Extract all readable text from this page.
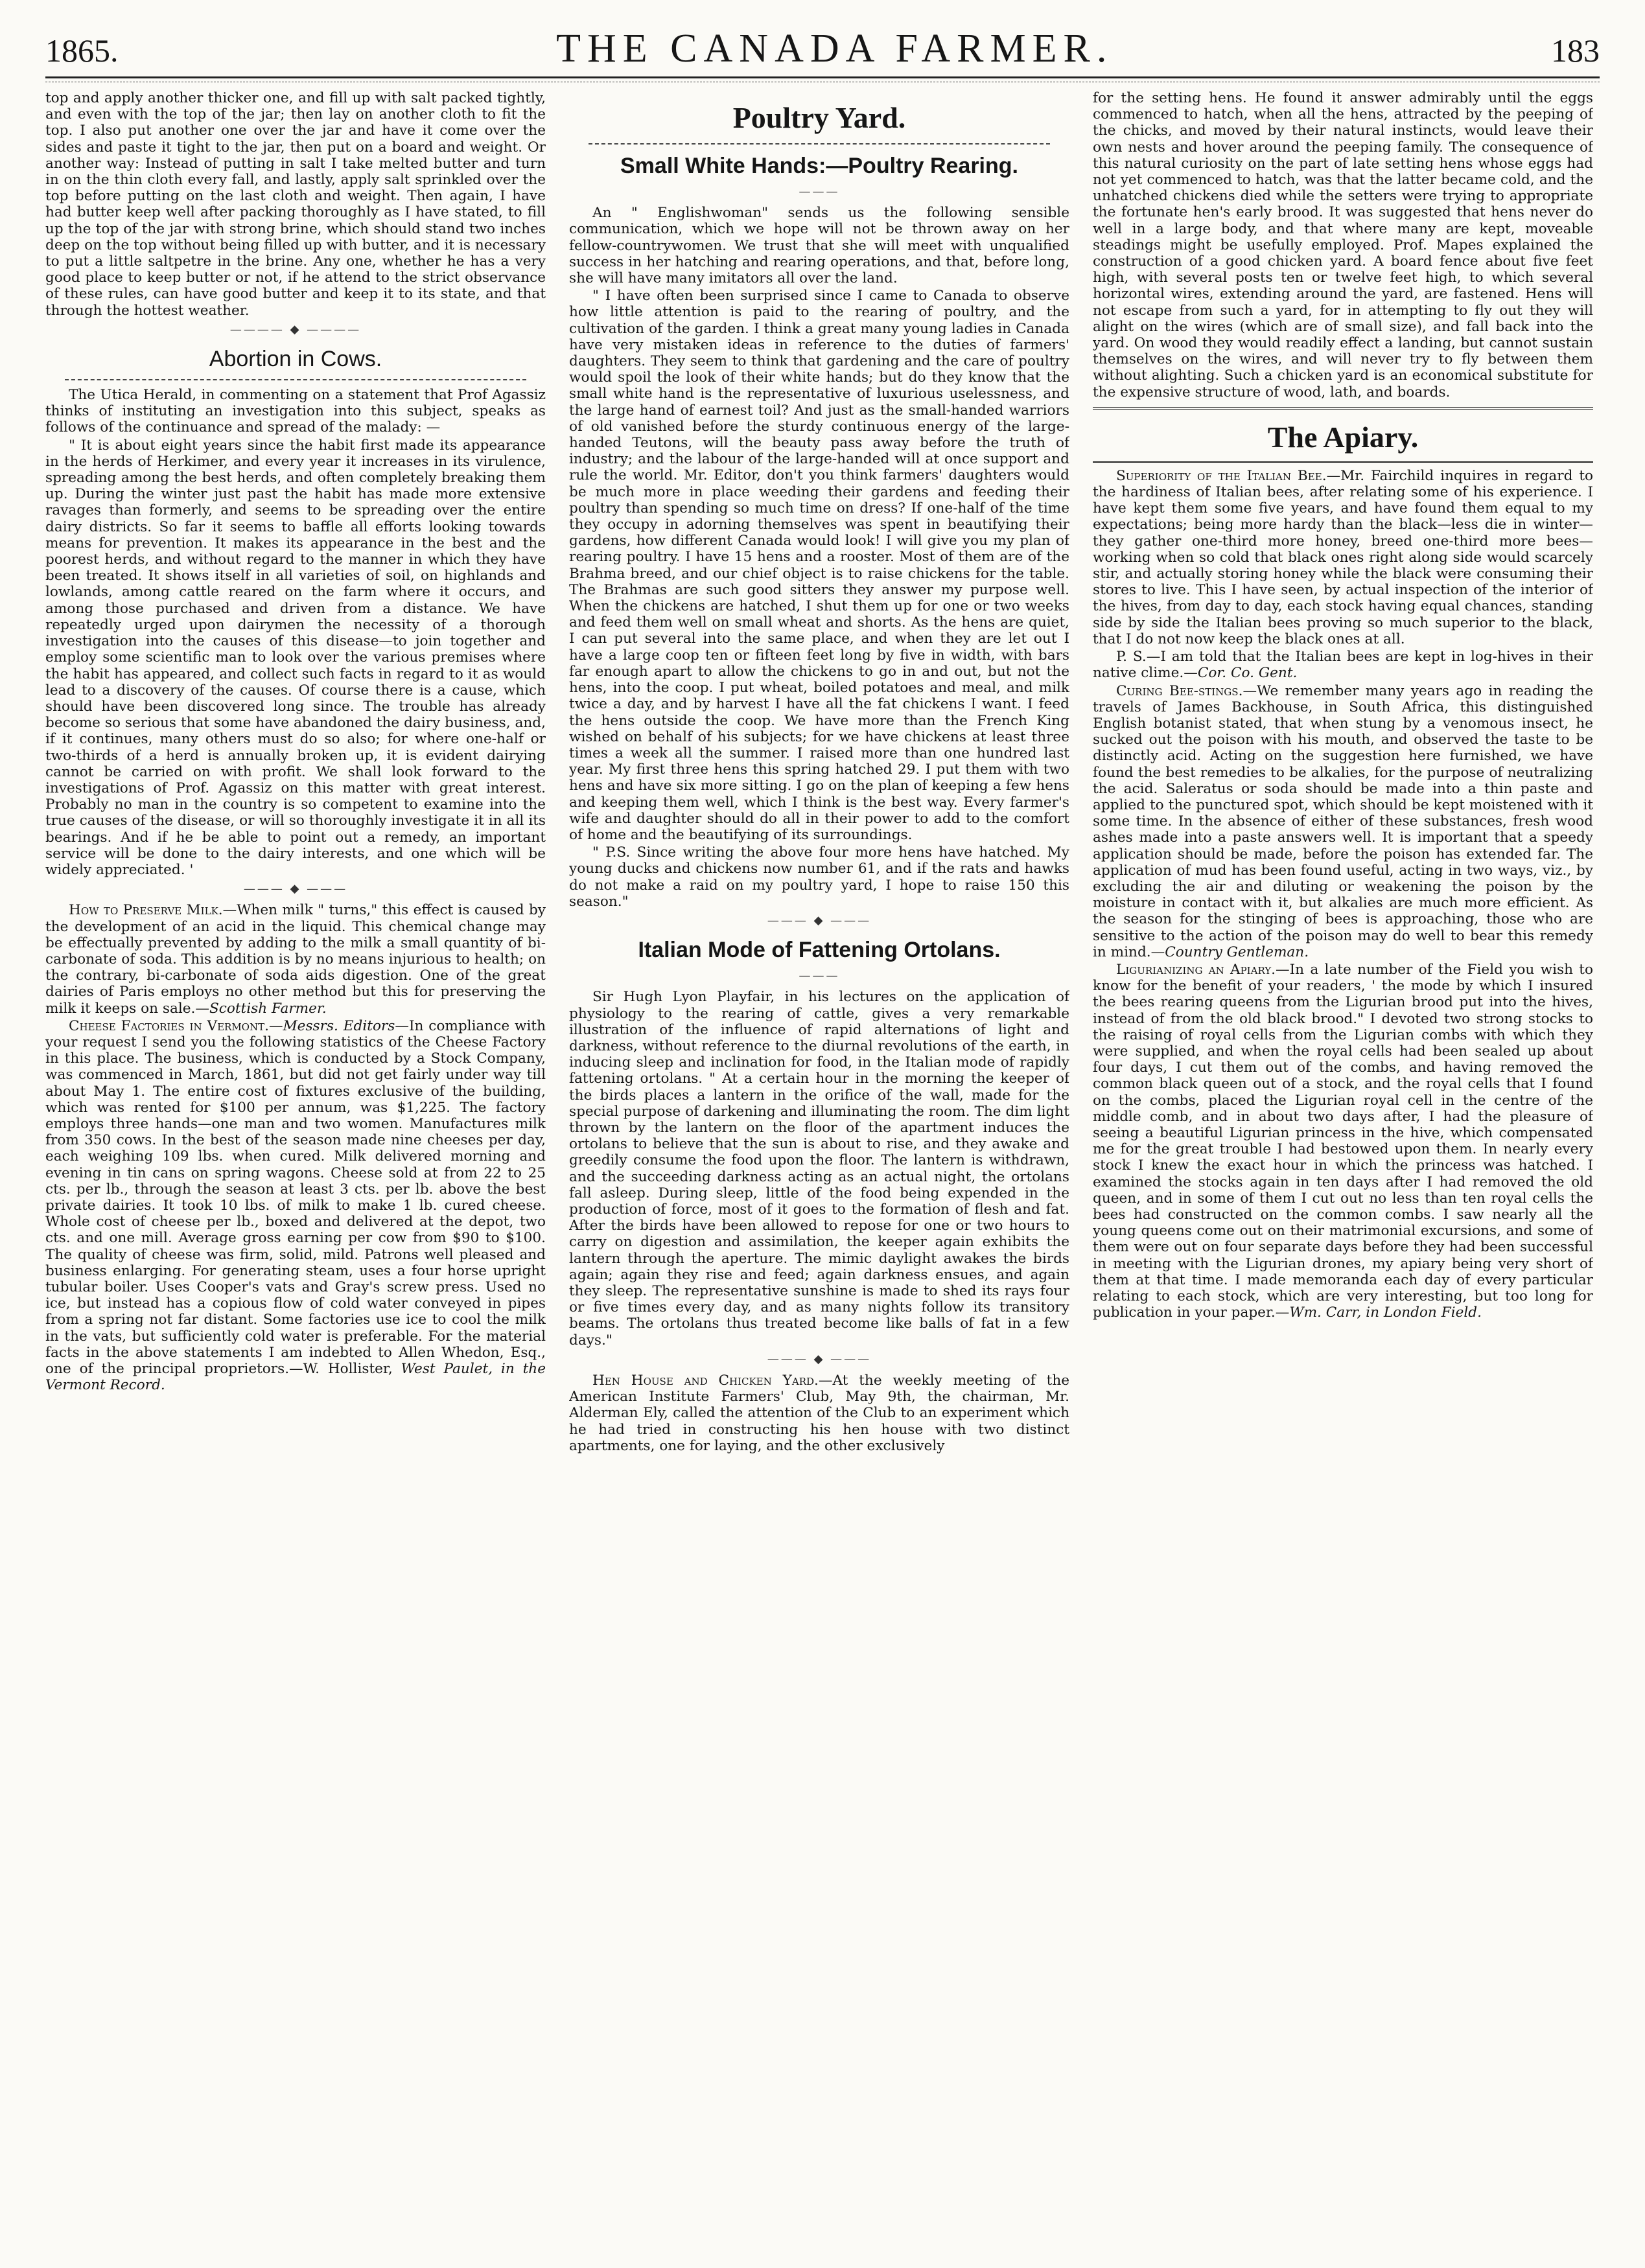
1865.	THE CANADA FARMER.	183

top and apply another thicker one, and fill up with salt packed tightly, and even with the top of the jar; then lay on another cloth to fit the top. I also put another one over the jar and have it come over the sides and paste it tight to the jar, then put on a board and weight. Or another way: Instead of putting in salt I take melted butter and turn in on the thin cloth every fall, and lastly, apply salt sprinkled over the top before putting on the last cloth and weight. Then again, I have had butter keep well after packing thoroughly as I have stated, to fill up the top of the jar with strong brine, which should stand two inches deep on the top without being filled up with butter, and it is necessary to put a little saltpetre in the brine. Any one, whether he has a very good place to keep butter or not, if he attend to the strict observance of these rules, can have good butter and keep it to its state, and that through the hottest weather.

———— ◆ ————
Abortion in Cows.

The Utica Herald, in commenting on a statement that Prof Agassiz thinks of instituting an investigation into this subject, speaks as follows of the continuance and spread of the malady: —

" It is about eight years since the habit first made its appearance in the herds of Herkimer, and every year it increases in its virulence, spreading among the best herds, and often completely breaking them up. During the winter just past the habit has made more extensive ravages than formerly, and seems to be spreading over the entire dairy districts. So far it seems to baffle all efforts looking towards means for prevention. It makes its appearance in the best and the poorest herds, and without regard to the manner in which they have been treated. It shows itself in all varieties of soil, on highlands and lowlands, among cattle reared on the farm where it occurs, and among those purchased and driven from a distance. We have repeatedly urged upon dairymen the necessity of a thorough investigation into the causes of this disease—to join together and employ some scientific man to look over the various premises where the habit has appeared, and collect such facts in regard to it as would lead to a discovery of the causes. Of course there is a cause, which should have been discovered long since. The trouble has already become so serious that some have abandoned the dairy business, and, if it continues, many others must do so also; for where one-half or two-thirds of a herd is annually broken up, it is evident dairying cannot be carried on with profit. We shall look forward to the investigations of Prof. Agassiz on this matter with great interest. Probably no man in the country is so competent to examine into the true causes of the disease, or will so thoroughly investigate it in all its bearings. And if he be able to point out a remedy, an important service will be done to the dairy interests, and one which will be widely appreciated. '

——— ◆ ———

How to Preserve Milk.—When milk " turns," this effect is caused by the development of an acid in the liquid. This chemical change may be effectually prevented by adding to the milk a small quantity of bi-carbonate of soda. This addition is by no means injurious to health; on the contrary, bi-carbonate of soda aids digestion. One of the great dairies of Paris employs no other method but this for preserving the milk it keeps on sale.—Scottish Farmer.

Cheese Factories in Vermont.—Messrs. Editors—In compliance with your request I send you the following statistics of the Cheese Factory in this place. The business, which is conducted by a Stock Company, was commenced in March, 1861, but did not get fairly under way till about May 1. The entire cost of fixtures exclusive of the building, which was rented for $100 per annum, was $1,225. The factory employs three hands—one man and two women. Manufactures milk from 350 cows. In the best of the season made nine cheeses per day, each weighing 109 lbs. when cured. Milk delivered morning and evening in tin cans on spring wagons. Cheese sold at from 22 to 25 cts. per lb., through the season at least 3 cts. per lb. above the best private dairies. It took 10 lbs. of milk to make 1 lb. cured cheese. Whole cost of cheese per lb., boxed and delivered at the depot, two cts. and one mill. Average gross earning per cow from $90 to $100. The quality of cheese was firm, solid, mild. Patrons well pleased and business enlarging. For generating steam, uses a four horse upright tubular boiler. Uses Cooper's vats and Gray's screw press. Used no ice, but instead has a copious flow of cold water conveyed in pipes from a spring not far distant. Some factories use ice to cool the milk in the vats, but sufficiently cold water is preferable. For the material facts in the above statements I am indebted to Allen Whedon, Esq., one of the principal proprietors.—W. Hollister, West Paulet, in the Vermont Record.

Poultry Yard.
Small White Hands:—Poultry Rearing.
———

An " Englishwoman" sends us the following sensible communication, which we hope will not be thrown away on her fellow-countrywomen. We trust that she will meet with unqualified success in her hatching and rearing operations, and that, before long, she will have many imitators all over the land.

" I have often been surprised since I came to Canada to observe how little attention is paid to the rearing of poultry, and the cultivation of the garden. I think a great many young ladies in Canada have very mistaken ideas in reference to the duties of farmers' daughters. They seem to think that gardening and the care of poultry would spoil the look of their white hands; but do they know that the small white hand is the representative of luxurious uselessness, and the large hand of earnest toil? And just as the small-handed warriors of old vanished before the sturdy continuous energy of the large-handed Teutons, will the beauty pass away before the truth of industry; and the labour of the large-handed will at once support and rule the world. Mr. Editor, don't you think farmers' daughters would be much more in place weeding their gardens and feeding their poultry than spending so much time on dress? If one-half of the time they occupy in adorning themselves was spent in beautifying their gardens, how different Canada would look! I will give you my plan of rearing poultry. I have 15 hens and a rooster. Most of them are of the Brahma breed, and our chief object is to raise chickens for the table. The Brahmas are such good sitters they answer my purpose well. When the chickens are hatched, I shut them up for one or two weeks and feed them well on small wheat and shorts. As the hens are quiet, I can put several into the same place, and when they are let out I have a large coop ten or fifteen feet long by five in width, with bars far enough apart to allow the chickens to go in and out, but not the hens, into the coop. I put wheat, boiled potatoes and meal, and milk twice a day, and by harvest I have all the fat chickens I want. I feed the hens outside the coop. We have more than the French King wished on behalf of his subjects; for we have chickens at least three times a week all the summer. I raised more than one hundred last year. My first three hens this spring hatched 29. I put them with two hens and have six more sitting. I go on the plan of keeping a few hens and keeping them well, which I think is the best way. Every farmer's wife and daughter should do all in their power to add to the comfort of home and the beautifying of its surroundings.

" P.S. Since writing the above four more hens have hatched. My young ducks and chickens now number 61, and if the rats and hawks do not make a raid on my poultry yard, I hope to raise 150 this season."

——— ◆ ———
Italian Mode of Fattening Ortolans.
———

Sir Hugh Lyon Playfair, in his lectures on the application of physiology to the rearing of cattle, gives a very remarkable illustration of the influence of rapid alternations of light and darkness, without reference to the diurnal revolutions of the earth, in inducing sleep and inclination for food, in the Italian mode of rapidly fattening ortolans. " At a certain hour in the morning the keeper of the birds places a lantern in the orifice of the wall, made for the special purpose of darkening and illuminating the room. The dim light thrown by the lantern on the floor of the apartment induces the ortolans to believe that the sun is about to rise, and they awake and greedily consume the food upon the floor. The lantern is withdrawn, and the succeeding darkness acting as an actual night, the ortolans fall asleep. During sleep, little of the food being expended in the production of force, most of it goes to the formation of flesh and fat. After the birds have been allowed to repose for one or two hours to carry on digestion and assimilation, the keeper again exhibits the lantern through the aperture. The mimic daylight awakes the birds again; again they rise and feed; again darkness ensues, and again they sleep. The representative sunshine is made to shed its rays four or five times every day, and as many nights follow its transitory beams. The ortolans thus treated become like balls of fat in a few days."

——— ◆ ———

Hen House and Chicken Yard.—At the weekly meeting of the American Institute Farmers' Club, May 9th, the chairman, Mr. Alderman Ely, called the attention of the Club to an experiment which he had tried in constructing his hen house with two distinct apartments, one for laying, and the other exclusively

for the setting hens. He found it answer admirably until the eggs commenced to hatch, when all the hens, attracted by the peeping of the chicks, and moved by their natural instincts, would leave their own nests and hover around the peeping family. The consequence of this natural curiosity on the part of late setting hens whose eggs had not yet commenced to hatch, was that the latter became cold, and the unhatched chickens died while the setters were trying to appropriate the fortunate hen's early brood. It was suggested that hens never do well in a large body, and that where many are kept, moveable steadings might be usefully employed. Prof. Mapes explained the construction of a good chicken yard. A board fence about five feet high, with several posts ten or twelve feet high, to which several horizontal wires, extending around the yard, are fastened. Hens will not escape from such a yard, for in attempting to fly out they will alight on the wires (which are of small size), and fall back into the yard. On wood they would readily effect a landing, but cannot sustain themselves on the wires, and will never try to fly between them without alighting. Such a chicken yard is an economical substitute for the expensive structure of wood, lath, and boards.

The Apiary.

Superiority of the Italian Bee.—Mr. Fairchild inquires in regard to the hardiness of Italian bees, after relating some of his experience. I have kept them some five years, and have found them equal to my expectations; being more hardy than the black—less die in winter—they gather one-third more honey, breed one-third more bees—working when so cold that black ones right along side would scarcely stir, and actually storing honey while the black were consuming their stores to live. This I have seen, by actual inspection of the interior of the hives, from day to day, each stock having equal chances, standing side by side the Italian bees proving so much superior to the black, that I do not now keep the black ones at all.

P. S.—I am told that the Italian bees are kept in log-hives in their native clime.—Cor. Co. Gent.

Curing Bee-stings.—We remember many years ago in reading the travels of James Backhouse, in South Africa, this distinguished English botanist stated, that when stung by a venomous insect, he sucked out the poison with his mouth, and observed the taste to be distinctly acid. Acting on the suggestion here furnished, we have found the best remedies to be alkalies, for the purpose of neutralizing the acid. Saleratus or soda should be made into a thin paste and applied to the punctured spot, which should be kept moistened with it some time. In the absence of either of these substances, fresh wood ashes made into a paste answers well. It is important that a speedy application should be made, before the poison has extended far. The application of mud has been found useful, acting in two ways, viz., by excluding the air and diluting or weakening the poison by the moisture in contact with it, but alkalies are much more efficient. As the season for the stinging of bees is approaching, those who are sensitive to the action of the poison may do well to bear this remedy in mind.—Country Gentleman.

Ligurianizing an Apiary.—In a late number of the Field you wish to know for the benefit of your readers, ' the mode by which I insured the bees rearing queens from the Ligurian brood put into the hives, instead of from the old black brood." I devoted two strong stocks to the raising of royal cells from the Ligurian combs with which they were supplied, and when the royal cells had been sealed up about four days, I cut them out of the combs, and having removed the common black queen out of a stock, and the royal cells that I found on the combs, placed the Ligurian royal cell in the centre of the middle comb, and in about two days after, I had the pleasure of seeing a beautiful Ligurian princess in the hive, which compensated me for the great trouble I had bestowed upon them. In nearly every stock I knew the exact hour in which the princess was hatched. I examined the stocks again in ten days after I had removed the old queen, and in some of them I cut out no less than ten royal cells the bees had constructed on the common combs. I saw nearly all the young queens come out on their matrimonial excursions, and some of them were out on four separate days before they had been successful in meeting with the Ligurian drones, my apiary being very short of them at that time. I made memoranda each day of every particular relating to each stock, which are very interesting, but too long for publication in your paper.—Wm. Carr, in London Field.
